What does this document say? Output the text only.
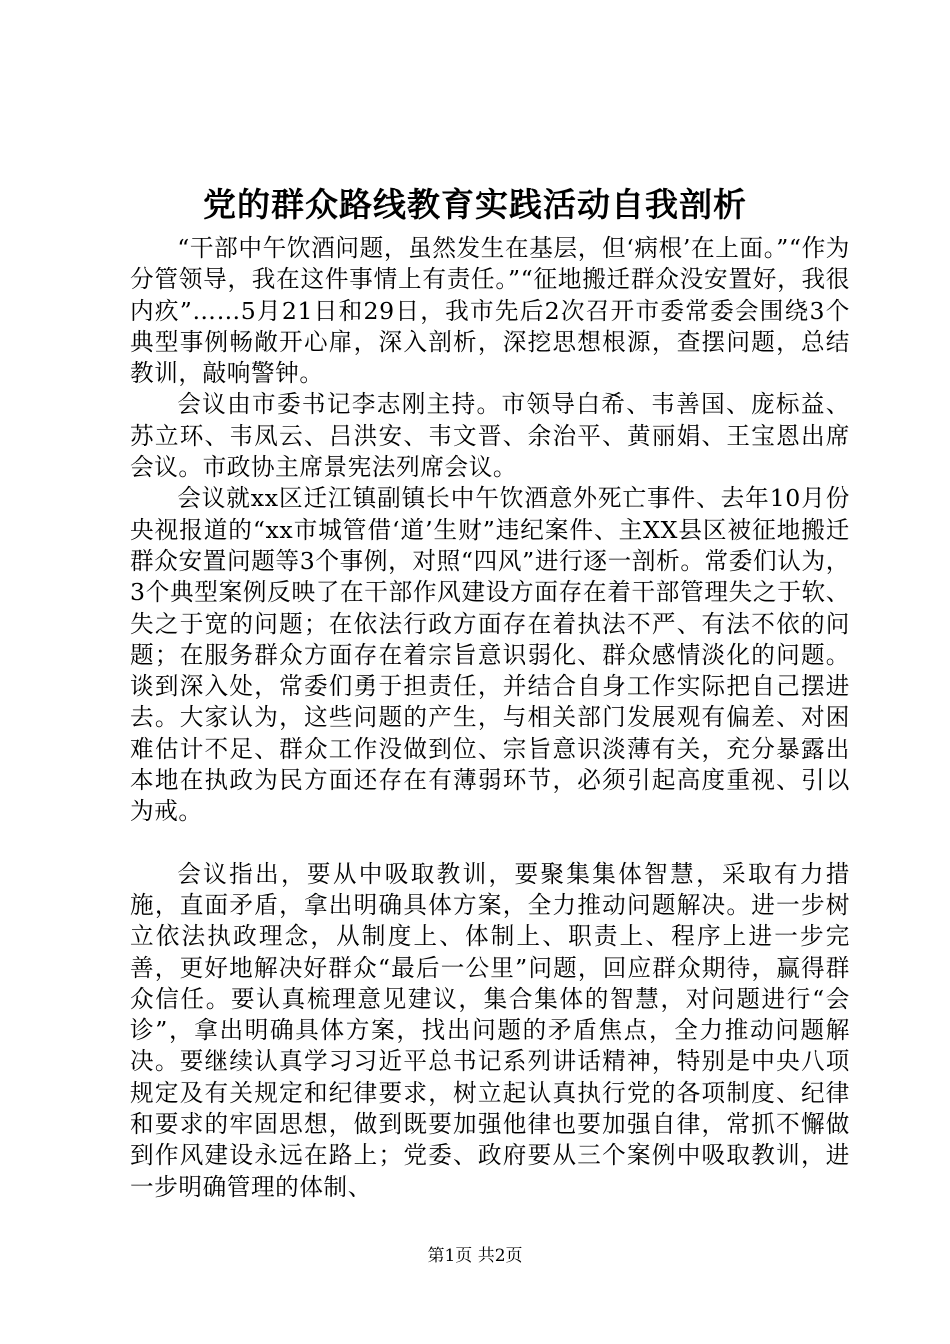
党的群众路线教育实践活动自我剖析

“干部中午饮酒问题，虽然发生在基层，但‘病根’在上面。”“作为分管领导，我在这件事情上有责任。”“征地搬迁群众没安置好，我很内疚”……5月21日和29日，我市先后2次召开市委常委会围绕3个典型事例畅敞开心扉，深入剖析，深挖思想根源，查摆问题，总结教训，敲响警钟。

会议由市委书记李志刚主持。市领导白希、韦善国、庞标益、苏立环、韦凤云、吕洪安、韦文晋、余治平、黄丽娟、王宝恩出席会议。市政协主席景宪法列席会议。

会议就xx区迁江镇副镇长中午饮酒意外死亡事件、去年10月份央视报道的“xx市城管借‘道’生财”违纪案件、主XX县区被征地搬迁群众安置问题等3个事例，对照“四风”进行逐一剖析。常委们认为，3个典型案例反映了在干部作风建设方面存在着干部管理失之于软、失之于宽的问题；在依法行政方面存在着执法不严、有法不依的问题；在服务群众方面存在着宗旨意识弱化、群众感情淡化的问题。谈到深入处，常委们勇于担责任，并结合自身工作实际把自己摆进去。大家认为，这些问题的产生，与相关部门发展观有偏差、对困难估计不足、群众工作没做到位、宗旨意识淡薄有关，充分暴露出本地在执政为民方面还存在有薄弱环节，必须引起高度重视、引以为戒。

会议指出，要从中吸取教训，要聚集集体智慧，采取有力措施，直面矛盾，拿出明确具体方案，全力推动问题解决。进一步树立依法执政理念，从制度上、体制上、职责上、程序上进一步完善，更好地解决好群众“最后一公里”问题，回应群众期待，赢得群众信任。要认真梳理意见建议，集合集体的智慧，对问题进行“会诊”，拿出明确具体方案，找出问题的矛盾焦点，全力推动问题解决。要继续认真学习习近平总书记系列讲话精神，特别是中央八项规定及有关规定和纪律要求，树立起认真执行党的各项制度、纪律和要求的牢固思想，做到既要加强他律也要加强自律，常抓不懈做到作风建设永远在路上；党委、政府要从三个案例中吸取教训，进一步明确管理的体制、

第1页 共2页
